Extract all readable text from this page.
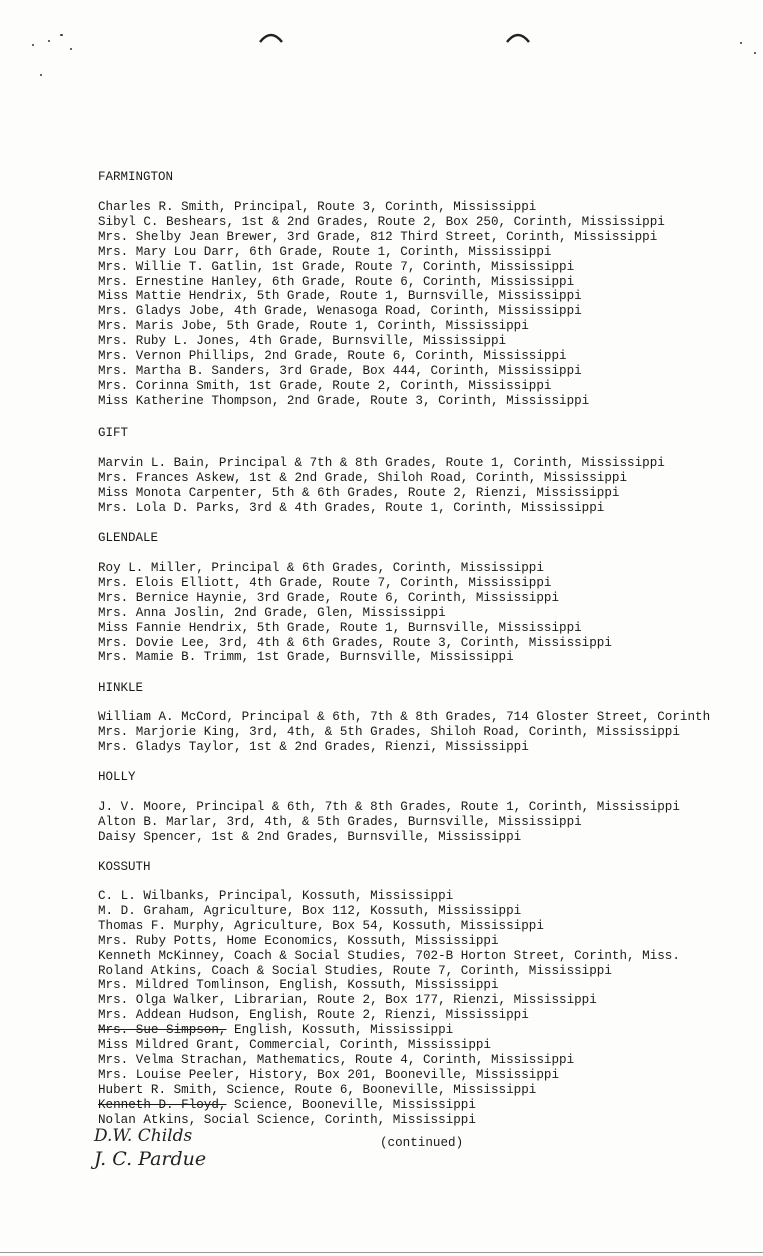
FARMINGTON
Charles R. Smith, Principal, Route 3, Corinth, Mississippi
Sibyl C. Beshears, 1st & 2nd Grades, Route 2, Box 250, Corinth, Mississippi
Mrs. Shelby Jean Brewer, 3rd Grade, 812 Third Street, Corinth, Mississippi
Mrs. Mary Lou Darr, 6th Grade, Route 1, Corinth, Mississippi
Mrs. Willie T. Gatlin, 1st Grade, Route 7, Corinth, Mississippi
Mrs. Ernestine Hanley, 6th Grade, Route 6, Corinth, Mississippi
Miss Mattie Hendrix, 5th Grade, Route 1, Burnsville, Mississippi
Mrs. Gladys Jobe, 4th Grade, Wenasoga Road, Corinth, Mississippi
Mrs. Maris Jobe, 5th Grade, Route 1, Corinth, Mississippi
Mrs. Ruby L. Jones, 4th Grade, Burnsville, Mississippi
Mrs. Vernon Phillips, 2nd Grade, Route 6, Corinth, Mississippi
Mrs. Martha B. Sanders, 3rd Grade, Box 444, Corinth, Mississippi
Mrs. Corinna Smith, 1st Grade, Route 2, Corinth, Mississippi
Miss Katherine Thompson, 2nd Grade, Route 3, Corinth, Mississippi
GIFT
Marvin L. Bain, Principal & 7th & 8th Grades, Route 1, Corinth, Mississippi
Mrs. Frances Askew, 1st & 2nd Grade, Shiloh Road, Corinth, Mississippi
Miss Monota Carpenter, 5th & 6th Grades, Route 2, Rienzi, Mississippi
Mrs. Lola D. Parks, 3rd & 4th Grades, Route 1, Corinth, Mississippi
GLENDALE
Roy L. Miller, Principal & 6th Grades, Corinth, Mississippi
Mrs. Elois Elliott, 4th Grade, Route 7, Corinth, Mississippi
Mrs. Bernice Haynie, 3rd Grade, Route 6, Corinth, Mississippi
Mrs. Anna Joslin, 2nd Grade, Glen, Mississippi
Miss Fannie Hendrix, 5th Grade, Route 1, Burnsville, Mississippi
Mrs. Dovie Lee, 3rd, 4th & 6th Grades, Route 3, Corinth, Mississippi
Mrs. Mamie B. Trimm, 1st Grade, Burnsville, Mississippi
HINKLE
William A. McCord, Principal & 6th, 7th & 8th Grades, 714 Gloster Street, Corinth
Mrs. Marjorie King, 3rd, 4th, & 5th Grades, Shiloh Road, Corinth, Mississippi
Mrs. Gladys Taylor, 1st & 2nd Grades, Rienzi, Mississippi
HOLLY
J. V. Moore, Principal & 6th, 7th & 8th Grades, Route 1, Corinth, Mississippi
Alton B. Marlar, 3rd, 4th, & 5th Grades, Burnsville, Mississippi
Daisy Spencer, 1st & 2nd Grades, Burnsville, Mississippi
KOSSUTH
C. L. Wilbanks, Principal, Kossuth, Mississippi
M. D. Graham, Agriculture, Box 112, Kossuth, Mississippi
Thomas F. Murphy, Agriculture, Box 54, Kossuth, Mississippi
Mrs. Ruby Potts, Home Economics, Kossuth, Mississippi
Kenneth McKinney, Coach & Social Studies, 702-B Horton Street, Corinth, Miss.
Roland Atkins, Coach & Social Studies, Route 7, Corinth, Mississippi
Mrs. Mildred Tomlinson, English, Kossuth, Mississippi
Mrs. Olga Walker, Librarian, Route 2, Box 177, Rienzi, Mississippi
Mrs. Addean Hudson, English, Route 2, Rienzi, Mississippi
Mrs. Sue Simpson, English, Kossuth, Mississippi
Miss Mildred Grant, Commercial, Corinth, Mississippi
Mrs. Velma Strachan, Mathematics, Route 4, Corinth, Mississippi
Mrs. Louise Peeler, History, Box 201, Booneville, Mississippi
Hubert R. Smith, Science, Route 6, Booneville, Mississippi
Kenneth D. Floyd, Science, Booneville, Mississippi
Nolan Atkins, Social Science, Corinth, Mississippi
D.W. Childs
J. C. Pardue
(continued)
